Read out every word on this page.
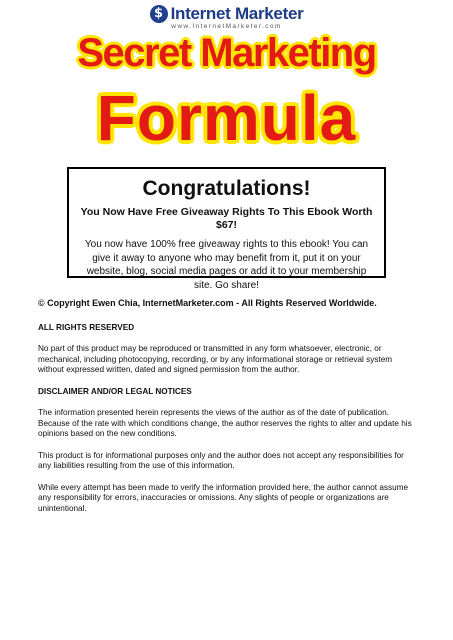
$ Internet Marketer
www.InternetMarketer.com
Secret Marketing
Formula
Congratulations!
You Now Have Free Giveaway Rights To This Ebook Worth $67!
You now have 100% free giveaway rights to this ebook! You can give it away to anyone who may benefit from it, put it on your website, blog, social media pages or add it to your membership site. Go share!

© Copyright Ewen Chia, InternetMarketer.com - All Rights Reserved Worldwide.

ALL RIGHTS RESERVED

No part of this product may be reproduced or transmitted in any form whatsoever, electronic, or mechanical, including photocopying, recording, or by any informational storage or retrieval system without expressed written, dated and signed permission from the author.

DISCLAIMER AND/OR LEGAL NOTICES

The information presented herein represents the views of the author as of the date of publication. Because of the rate with which conditions change, the author reserves the rights to alter and update his opinions based on the new conditions.

This product is for informational purposes only and the author does not accept any responsibilities for any liabilities resulting from the use of this information.

While every attempt has been made to verify the information provided here, the author cannot assume any responsibility for errors, inaccuracies or omissions. Any slights of people or organizations are unintentional.
